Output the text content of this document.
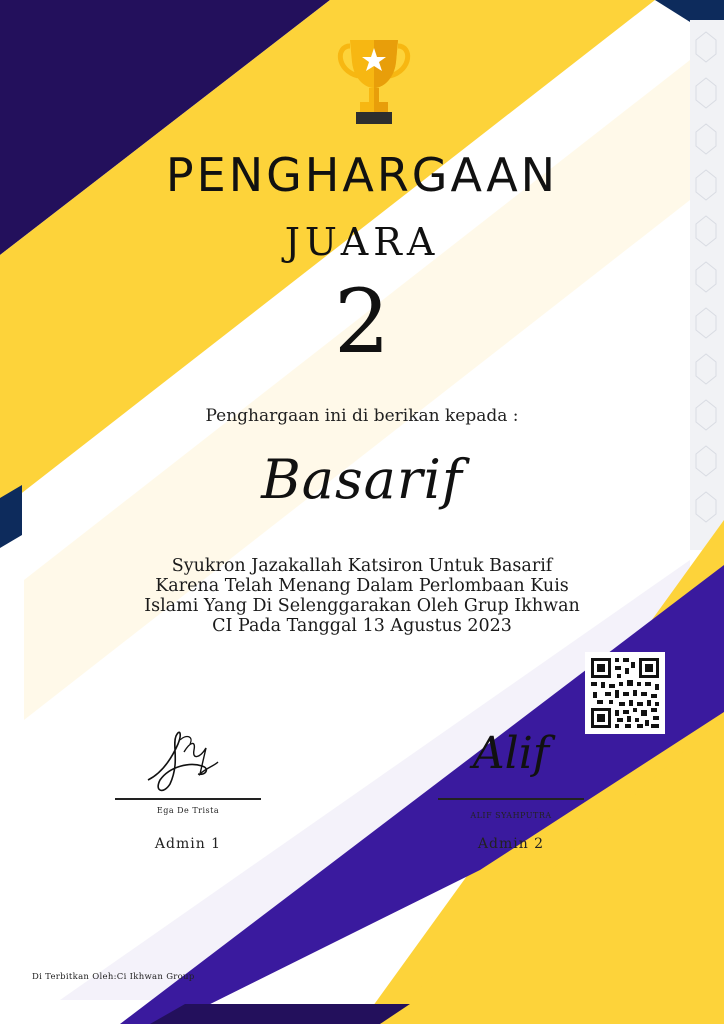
PENGHARGAAN
JUARA
2
Penghargaan ini di berikan kepada :
Basarif
Syukron Jazakallah Katsiron Untuk Basarif
Karena Telah Menang Dalam Perlombaan Kuis
Islami Yang Di Selenggarakan Oleh Grup Ikhwan
CI Pada Tanggal 13 Agustus 2023
Ega De Trista
Admin 1
Alif
ALIF SYAHPUTRA
Admin 2
Di Terbitkan Oleh:Ci Ikhwan Group
